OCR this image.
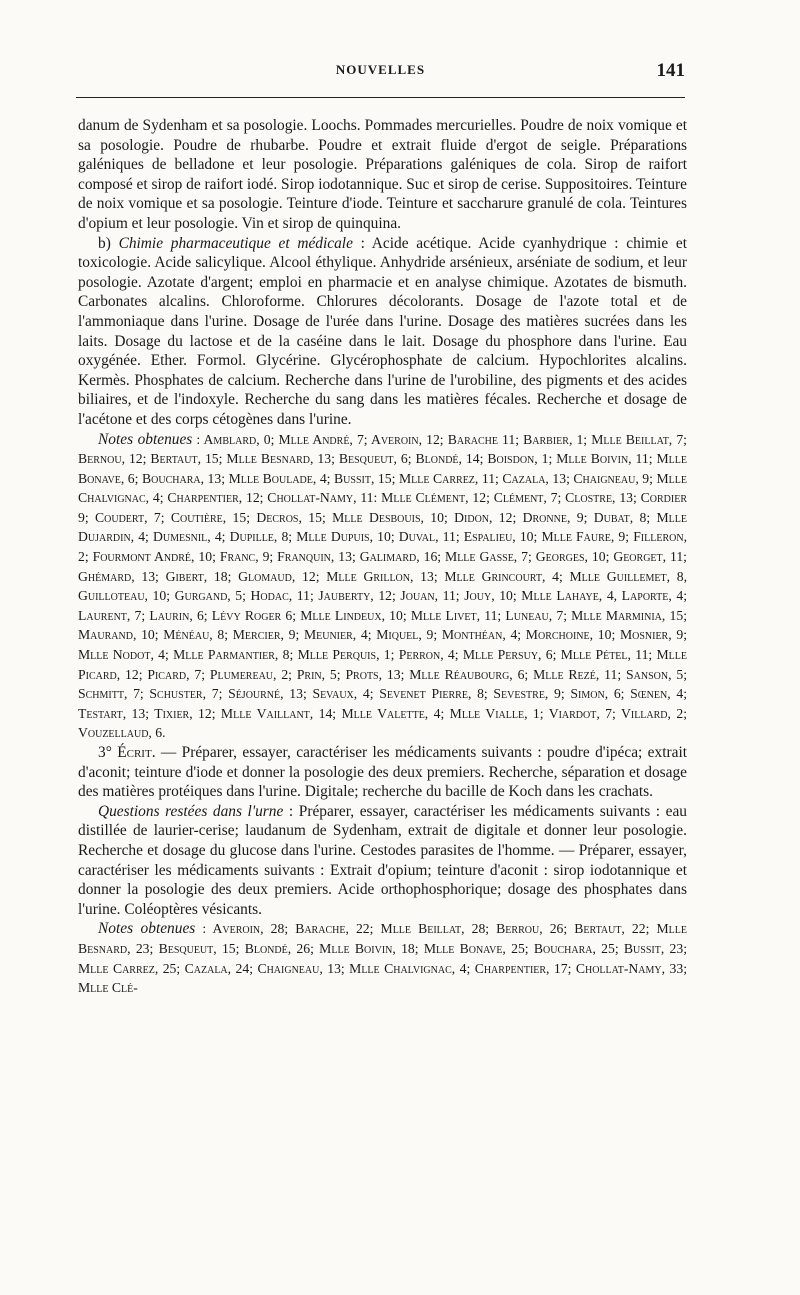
NOUVELLES	141

danum de Sydenham et sa posologie. Loochs. Pommades mercurielles. Poudre de noix vomique et sa posologie. Poudre de rhubarbe. Poudre et extrait fluide d'ergot de seigle. Préparations galéniques de belladone et leur posologie. Préparations galéniques de cola. Sirop de raifort composé et sirop de raifort iodé. Sirop iodotannique. Suc et sirop de cerise. Suppositoires. Teinture de noix vomique et sa posologie. Teinture d'iode. Teinture et saccharure granulé de cola. Teintures d'opium et leur posologie. Vin et sirop de quinquina.

b) Chimie pharmaceutique et médicale : Acide acétique. Acide cyanhydrique : chimie et toxicologie. Acide salicylique. Alcool éthylique. Anhydride arsénieux, arséniate de sodium, et leur posologie. Azotate d'argent; emploi en pharmacie et en analyse chimique. Azotates de bismuth. Carbonates alcalins. Chloroforme. Chlorures décolorants. Dosage de l'azote total et de l'ammoniaque dans l'urine. Dosage de l'urée dans l'urine. Dosage des matières sucrées dans les laits. Dosage du lactose et de la caséine dans le lait. Dosage du phosphore dans l'urine. Eau oxygénée. Ether. Formol. Glycérine. Glycérophosphate de calcium. Hypochlorites alcalins. Kermès. Phosphates de calcium. Recherche dans l'urine de l'urobiline, des pigments et des acides biliaires, et de l'indoxyle. Recherche du sang dans les matières fécales. Recherche et dosage de l'acétone et des corps cétogènes dans l'urine.

Notes obtenues : Amblard, 0; Mlle André, 7; Averoin, 12; Barache 11; Barbier, 1; Mlle Beillat, 7; Bernou, 12; Bertaut, 15; Mlle Besnard, 13; Besqueut, 6; Blondé, 14; Boisdon, 1; Mlle Boivin, 11; Mlle Bonave, 6; Bouchara, 13; Mlle Boulade, 4; Bussit, 15; Mlle Carrez, 11; Cazala, 13; Chaigneau, 9; Mlle Chalvignac, 4; Charpentier, 12; Chollat-Namy, 11: Mlle Clément, 12; Clément, 7; Clostre, 13; Cordier 9; Coudert, 7; Coutière, 15; Decros, 15; Mlle Desbouis, 10; Didon, 12; Dronne, 9; Dubat, 8; Mlle Dujardin, 4; Dumesnil, 4; Dupille, 8; Mlle Dupuis, 10; Duval, 11; Espalieu, 10; Mlle Faure, 9; Filleron, 2; Fourmont André, 10; Franc, 9; Franquin, 13; Galimard, 16; Mlle Gasse, 7; Georges, 10; Georget, 11; Ghémard, 13; Gibert, 18; Glomaud, 12; Mlle Grillon, 13; Mlle Grincourt, 4; Mlle Guillemet, 8, Guilloteau, 10; Gurgand, 5; Hodac, 11; Jauberty, 12; Jouan, 11; Jouy, 10; Mlle Lahaye, 4, Laporte, 4; Laurent, 7; Laurin, 6; Lévy Roger 6; Mlle Lindeux, 10; Mlle Livet, 11; Luneau, 7; Mlle Marminia, 15; Maurand, 10; Ménéau, 8; Mercier, 9; Meunier, 4; Miquel, 9; Monthéan, 4; Morchoine, 10; Mosnier, 9; Mlle Nodot, 4; Mlle Parmantier, 8; Mlle Perquis, 1; Perron, 4; Mlle Persuy, 6; Mlle Pétel, 11; Mlle Picard, 12; Picard, 7; Plumereau, 2; Prin, 5; Prots, 13; Mlle Réaubourg, 6; Mlle Rezé, 11; Sanson, 5; Schmitt, 7; Schuster, 7; Séjourné, 13; Sevaux, 4; Sevenet Pierre, 8; Sevestre, 9; Simon, 6; Sœnen, 4; Testart, 13; Tixier, 12; Mlle Vaillant, 14; Mlle Valette, 4; Mlle Vialle, 1; Viardot, 7; Villard, 2; Vouzellaud, 6.

3° Écrit. — Préparer, essayer, caractériser les médicaments suivants : poudre d'ipéca; extrait d'aconit; teinture d'iode et donner la posologie des deux premiers. Recherche, séparation et dosage des matières protéiques dans l'urine. Digitale; recherche du bacille de Koch dans les crachats.

Questions restées dans l'urne : Préparer, essayer, caractériser les médicaments suivants : eau distillée de laurier-cerise; laudanum de Sydenham, extrait de digitale et donner leur posologie. Recherche et dosage du glucose dans l'urine. Cestodes parasites de l'homme. — Préparer, essayer, caractériser les médicaments suivants : Extrait d'opium; teinture d'aconit : sirop iodotannique et donner la posologie des deux premiers. Acide orthophosphorique; dosage des phosphates dans l'urine. Coléoptères vésicants.

Notes obtenues : Averoin, 28; Barache, 22; Mlle Beillat, 28; Berrou, 26; Bertaut, 22; Mlle Besnard, 23; Besqueut, 15; Blondé, 26; Mlle Boivin, 18; Mlle Bonave, 25; Bouchara, 25; Bussit, 23; Mlle Carrez, 25; Cazala, 24; Chaigneau, 13; Mlle Chalvignac, 4; Charpentier, 17; Chollat-Namy, 33; Mlle Clé-
